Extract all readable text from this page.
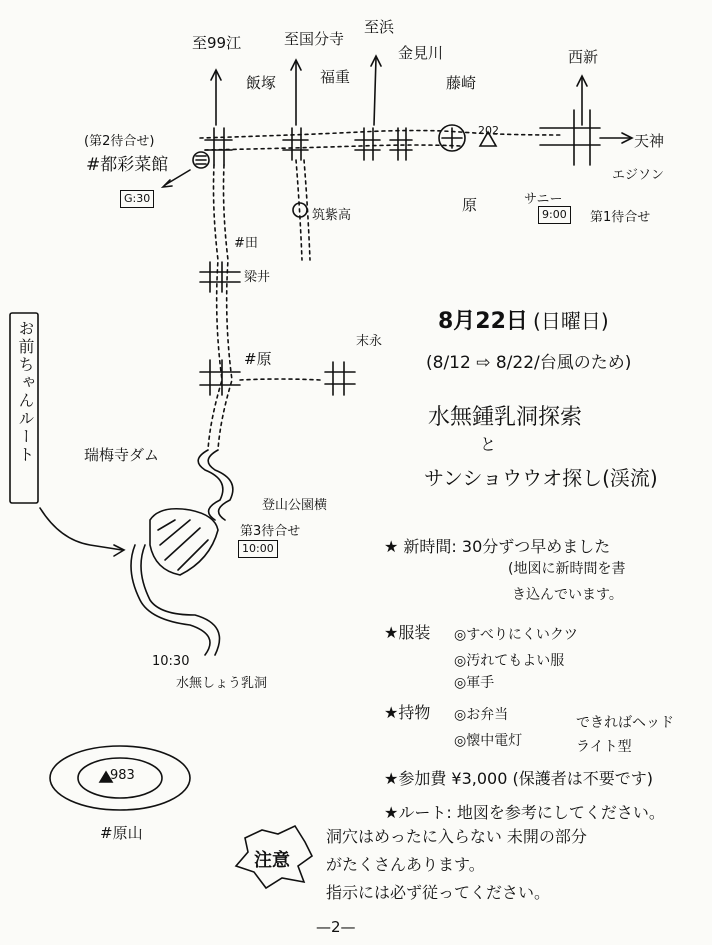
至99江	至国分寺
至浜
金見川
藤崎
西新
飯塚	福重
(第2待合せ)
#都彩菜館
G:30
202
天神
サニー
エジソン
9:00	第1待合せ
原
筑紫高
#田
梁井
#原
末永
瑞梅寺ダム
登山公園横
第3待合せ
10:00
10:30
水無しょう乳洞
983
#原山
お前ちゃんルート	8月22日 (日曜日)
(8/12 ⇨ 8/22/台風のため)
水無鍾乳洞探索
と
サンショウウオ探し(渓流)
★ 新時間: 30分ずつ早めました
(地図に新時間を書
き込んでいます。
★服装 ◎すべりにくいクツ
◎汚れてもよい服
◎軍手
★持物 ◎お弁当
◎懐中電灯
できればヘッド
ライト型
★参加費 ¥3,000 (保護者は不要です)
★ルート: 地図を参考にしてください。
注意
洞穴はめったに入らない 未開の部分
がたくさんあります。
指示には必ず従ってください。
—2—
